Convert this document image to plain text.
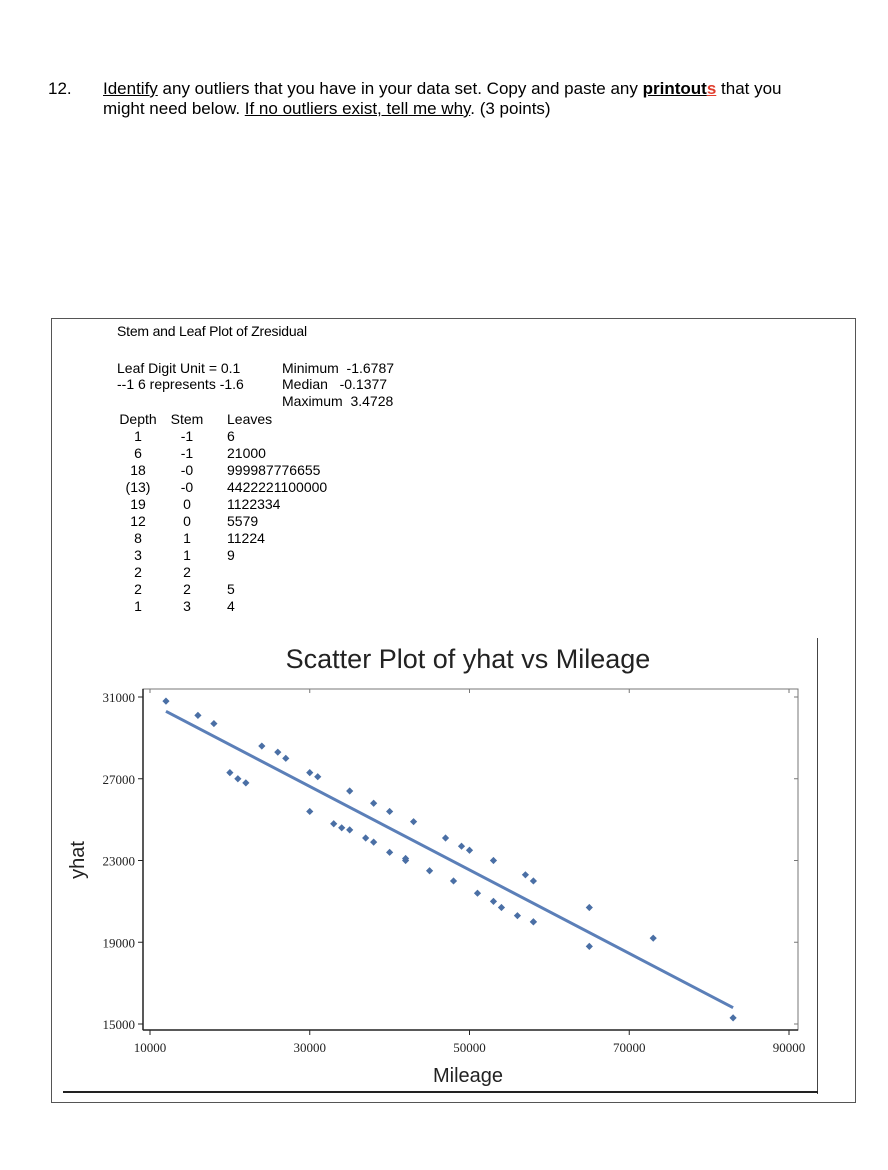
12. Identify any outliers that you have in your data set. Copy and paste any printouts that you might need below. If no outliers exist, tell me why. (3 points)
Stem and Leaf Plot of Zresidual
Leaf Digit Unit = 0.1
--1 6 represents -1.6
Minimum  -1.6787
Median   -0.1377
Maximum  3.4728
Depth Stem Leaves
1	-1	6
6	-1	21000
18	-0	999987776655
(13)	-0	4422221100000
19	0	1122334
12	0	5579
8	1	11224
3	1	9
2	2
2	2	5
1	3	4
Scatter Plot of yhat vs Mileage
10000	30000	50000	70000	90000
15000
19000
23000
27000
31000
Mileage
yhat
